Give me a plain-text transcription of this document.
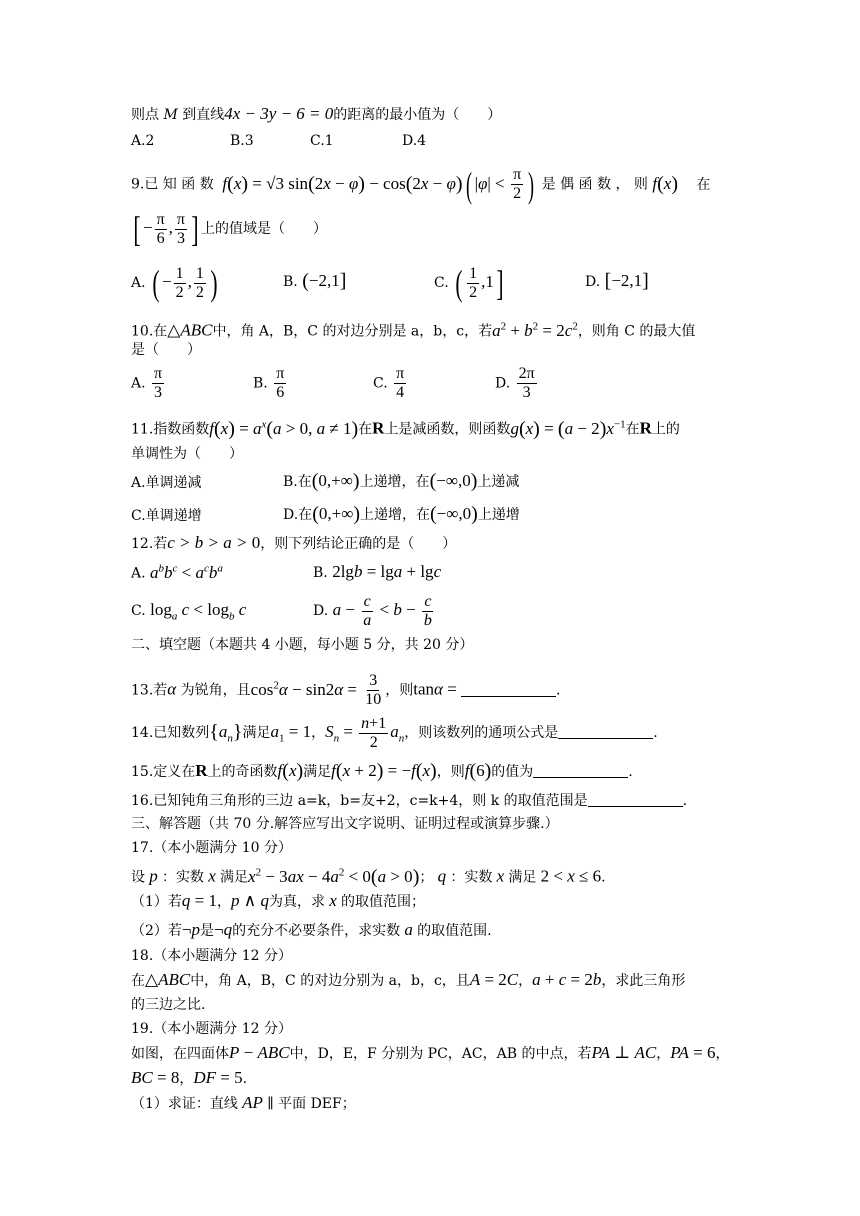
则点 M 到直线4x − 3y − 6 = 0的距离的最小值为（　　）
A.2	B.3	C.1	D.4
9.已 知 函 数 f(x) = √3 sin(2x − φ) − cos(2x − φ)( $|\varphi| < \frac{\pi}{2}$ ) 是 偶 函 数 ， 则 f(x) 在
[ − $\frac{\pi}{6}$ , $\frac{\pi}{3}$ ] 上的值域是（　　）
A. ( − $\frac{1}{2}$ , $\frac{1}{2}$ )	B. (−2,1]	C. ( $\frac{1}{2} ,1$]	D. [−2,1]
10.在△ABC中，角 A，B，C 的对边分别是 a，b，c，若$a^2 + b^2 = 2c^2$，则角 C 的最大值
是（　　）
A. $\frac{\pi}{3}$	B. $\frac{\pi}{6}$	C. $\frac{\pi}{4}$	D. $\frac{2\pi}{3}$
11.指数函数$f(x) = a^x(a > 0$, a ≠ 1)在R上是减函数，则函数$g(x) = (a - 2)x^{-1}$在R上的
单调性为（　　）
A.单调递减	B.在(0,+∞)上递增，在(−∞,0)上递减
C.单调递增	D.在(0,+∞)上递增，在(−∞,0)上递增
12.若c > b > a > 0，则下列结论正确的是（　　）
A. $a^bb^c < a^cb^a$	B. 2lgb = lga + lgc
C. $\log_a c < \log_b c$	D. $a - \frac{c}{a} < b - \frac{c}{b}$
二、填空题（本题共 4 小题，每小题 5 分，共 20 分）
13.若α 为锐角，且$\cos^2\alpha - \sin 2\alpha = \frac{3}{10}$ ，则tanα =	.
14.已知数列$\{a_n\}$满足$a_1 = 1$，$S_n = \frac{n+1}{2} a_n$，则该数列的通项公式是	.
15.定义在R上的奇函数f(x)满足f(x + 2) = −f(x)，则f(6)的值为	.
16.已知钝角三角形的三边 a=k，b=友+2，c=k+4，则 k 的取值范围是	.
三、解答题（共 70 分.解答应写出文字说明、证明过程或演算步骤.）
17.（本小题满分 10 分）
设 p ：实数 x 满足$x^2 - 3ax - 4a^2 < 0(a > 0)$； q ：实数 x 满足 2 < x ≤ 6.
（1）若q = 1，p ∧ q为真，求 x 的取值范围；
（2）若¬p是¬q的充分不必要条件，求实数 a 的取值范围.
18.（本小题满分 12 分）
在△ABC中，角 A，B，C 的对边分别为 a，b，c，且A = 2C，a + c = 2b，求此三角形
的三边之比.
19.（本小题满分 12 分）
如图，在四面体P − ABC中，D，E，F 分别为 PC，AC，AB 的中点，若PA ⊥ AC，PA = 6，
BC = 8，DF = 5.
（1）求证：直线 AP ∥ 平面 DEF；
